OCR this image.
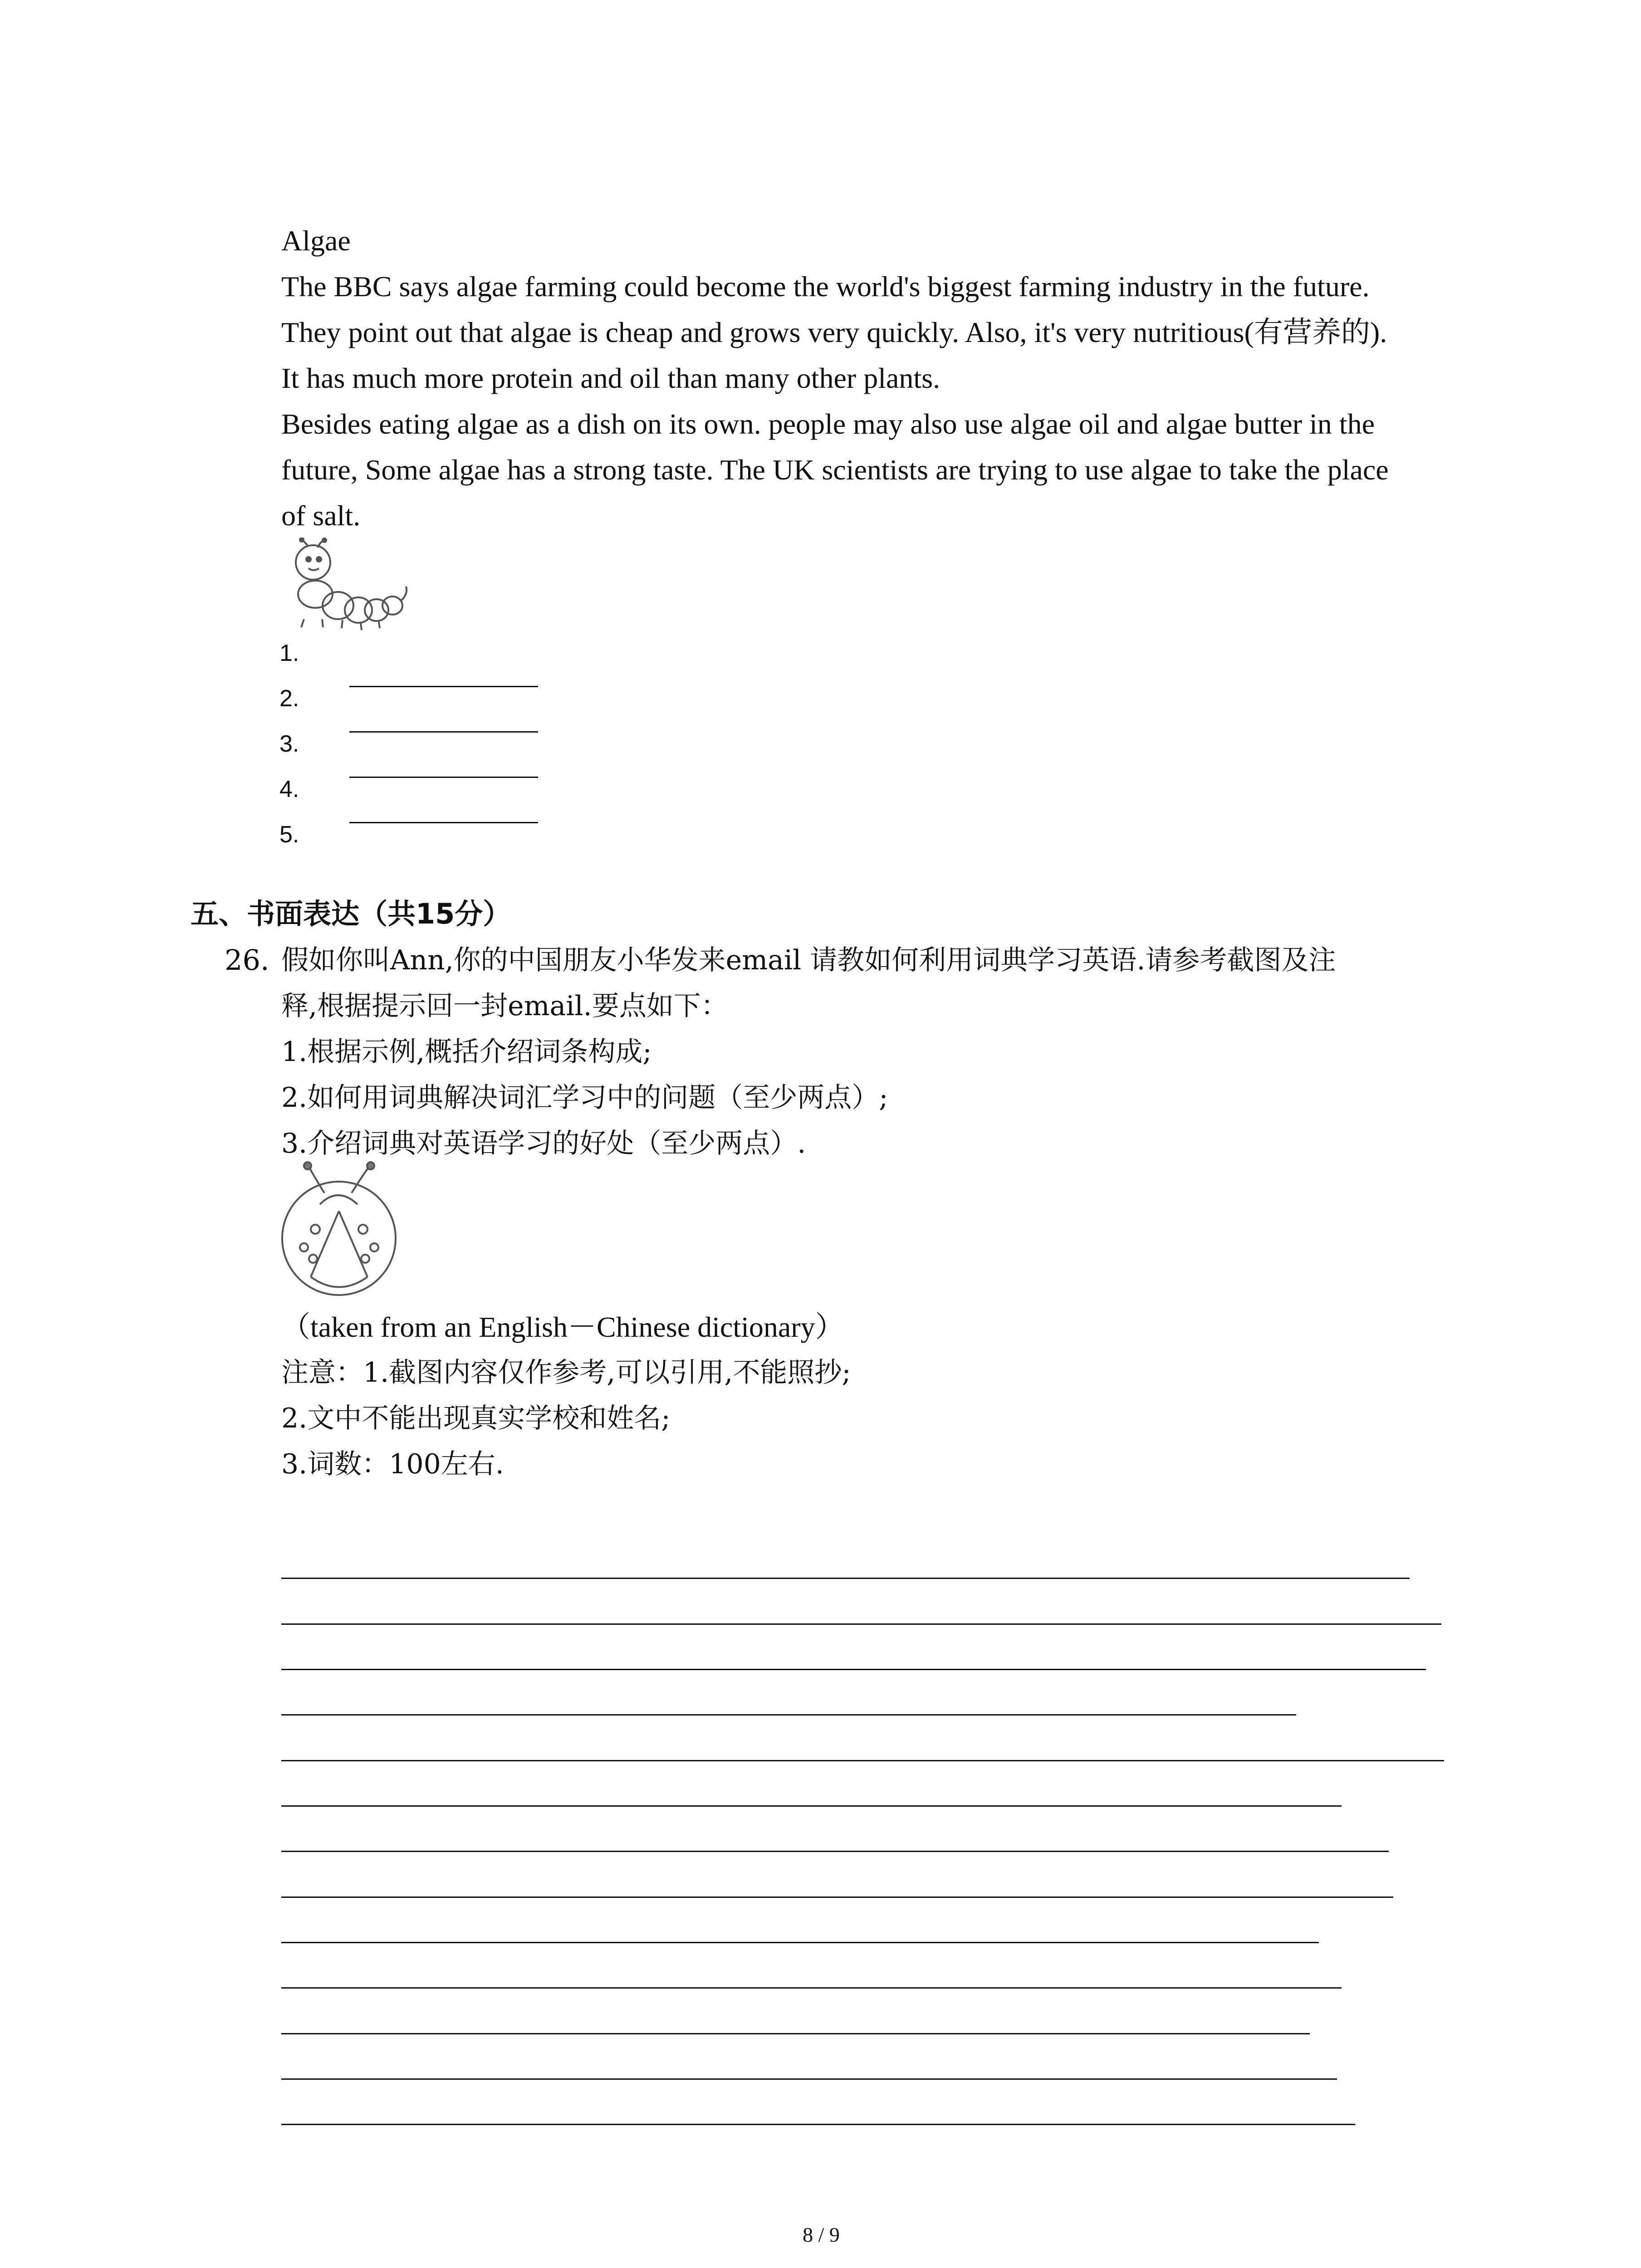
Algae
The BBC says algae farming could become the world's biggest farming industry in the future.
They point out that algae is cheap and grows very quickly. Also, it's very nutritious(有营养的).
It has much more protein and oil than many other plants.
Besides eating algae as a dish on its own. people may also use algae oil and algae butter in the
future, Some algae has a strong taste. The UK scientists are trying to use algae to take the place
of salt.
1.
2.
3.
4.
5.
五、书面表达（共15分）
26. 假如你叫Ann,你的中国朋友小华发来email 请教如何利用词典学习英语.请参考截图及注
释,根据提示回一封email.要点如下：
1.根据示例,概括介绍词条构成;
2.如何用词典解决词汇学习中的问题（至少两点）;
3.介绍词典对英语学习的好处（至少两点）.
（taken from an English－Chinese dictionary）
注意：1.截图内容仅作参考,可以引用,不能照抄;
2.文中不能出现真实学校和姓名;
3.词数：100左右.
8 / 9
